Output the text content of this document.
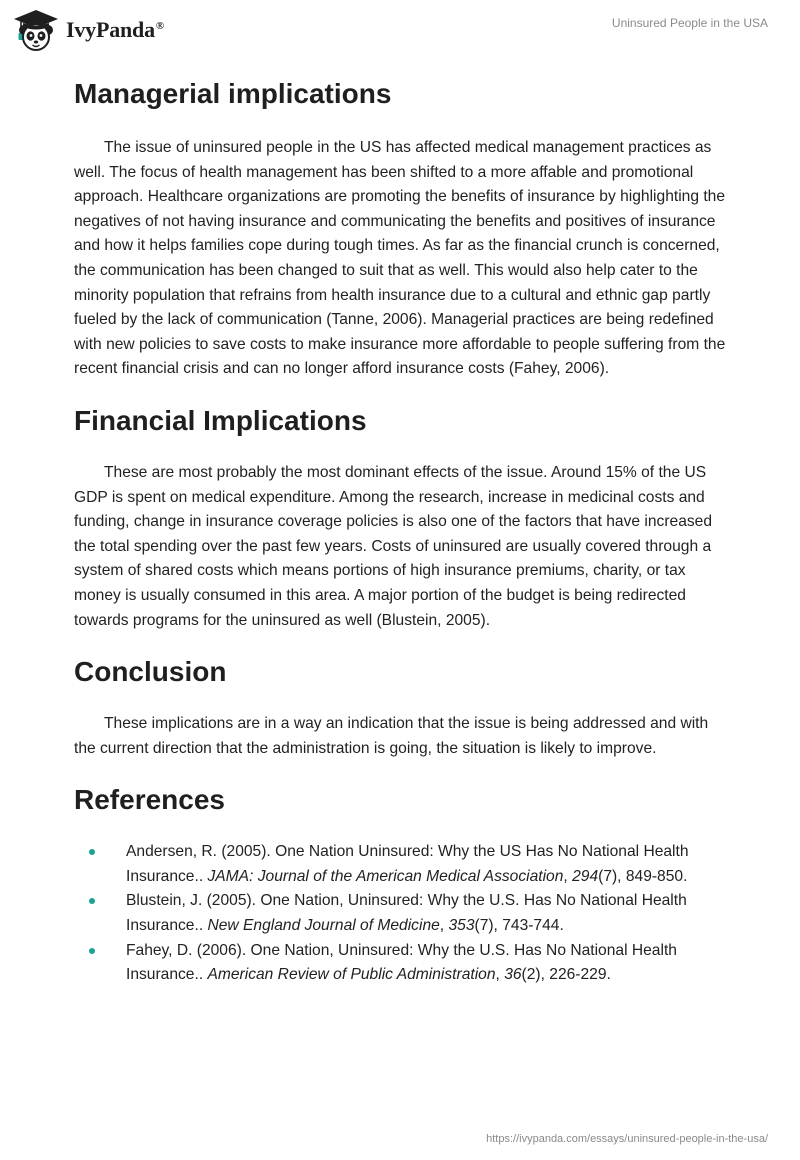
IvyPanda®	Uninsured People in the USA
Managerial implications

The issue of uninsured people in the US has affected medical management practices as well. The focus of health management has been shifted to a more affable and promotional approach. Healthcare organizations are promoting the benefits of insurance by highlighting the negatives of not having insurance and communicating the benefits and positives of insurance and how it helps families cope during tough times. As far as the financial crunch is concerned, the communication has been changed to suit that as well. This would also help cater to the minority population that refrains from health insurance due to a cultural and ethnic gap partly fueled by the lack of communication (Tanne, 2006). Managerial practices are being redefined with new policies to save costs to make insurance more affordable to people suffering from the recent financial crisis and can no longer afford insurance costs (Fahey, 2006).

Financial Implications

These are most probably the most dominant effects of the issue. Around 15% of the US GDP is spent on medical expenditure. Among the research, increase in medicinal costs and funding, change in insurance coverage policies is also one of the factors that have increased the total spending over the past few years. Costs of uninsured are usually covered through a system of shared costs which means portions of high insurance premiums, charity, or tax money is usually consumed in this area. A major portion of the budget is being redirected towards programs for the uninsured as well (Blustein, 2005).

Conclusion

These implications are in a way an indication that the issue is being addressed and with the current direction that the administration is going, the situation is likely to improve.

References
Andersen, R. (2005). One Nation Uninsured: Why the US Has No National Health Insurance.. JAMA: Journal of the American Medical Association, 294(7), 849-850.
Blustein, J. (2005). One Nation, Uninsured: Why the U.S. Has No National Health Insurance.. New England Journal of Medicine, 353(7), 743-744.
Fahey, D. (2006). One Nation, Uninsured: Why the U.S. Has No National Health Insurance.. American Review of Public Administration, 36(2), 226-229.
https://ivypanda.com/essays/uninsured-people-in-the-usa/
